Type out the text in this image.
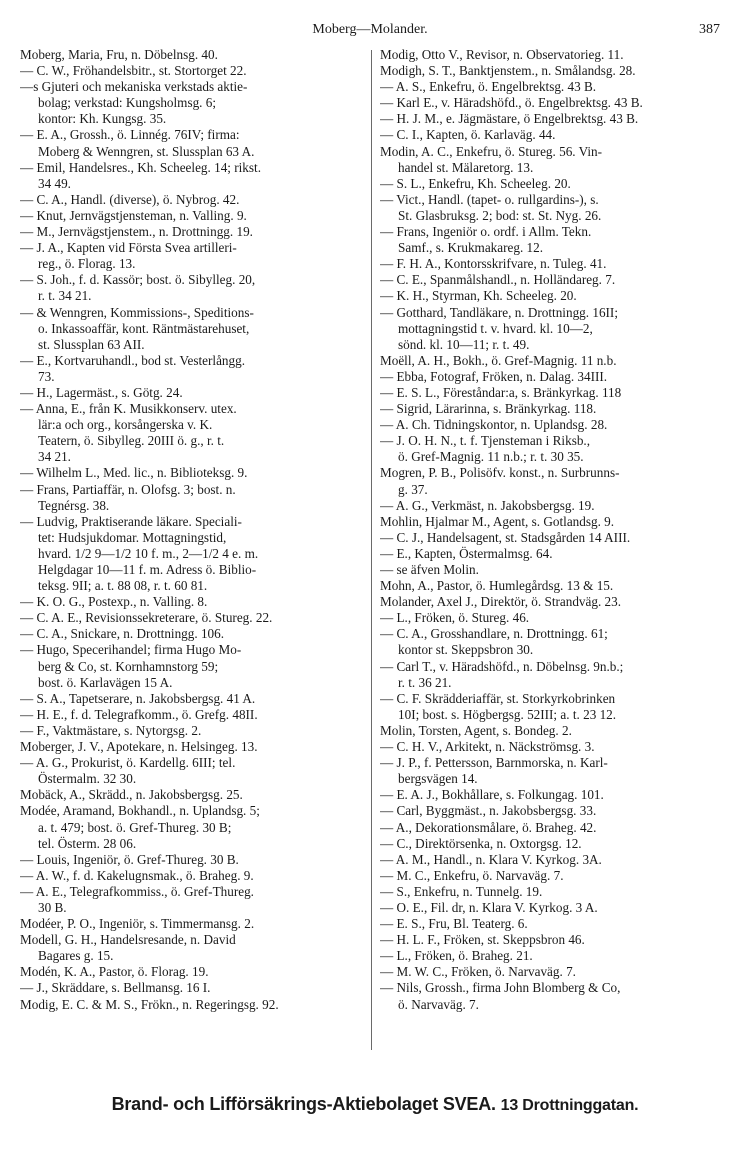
Moberg—Molander.	387
Moberg, Maria, Fru, n. Döbelnsg. 40.
— C. W., Fröhandelsbitr., st. Stortorget 22.
—s Gjuteri och mekaniska verkstads aktie-
bolag; verkstad: Kungsholmsg. 6;
kontor: Kh. Kungsg. 35.
— E. A., Grossh., ö. Linnég. 76IV; firma:
Moberg & Wenngren, st. Slussplan 63 A.
— Emil, Handelsres., Kh. Scheeleg. 14; rikst.
34 49.
— C. A., Handl. (diverse), ö. Nybrog. 42.
— Knut, Jernvägstjensteman, n. Valling. 9.
— M., Jernvägstjenstem., n. Drottningg. 19.
— J. A., Kapten vid Första Svea artilleri-
reg., ö. Florag. 13.
— S. Joh., f. d. Kassör; bost. ö. Sibylleg. 20,
r. t. 34 21.
— & Wenngren, Kommissions-, Speditions-
o. Inkassoaffär, kont. Räntmästarehuset,
st. Slussplan 63 AII.
— E., Kortvaruhandl., bod st. Vesterlångg.
73.
— H., Lagermäst., s. Götg. 24.
— Anna, E., från K. Musikkonserv. utex.
lär:a och org., korsångerska v. K.
Teatern, ö. Sibylleg. 20III ö. g., r. t.
34 21.
— Wilhelm L., Med. lic., n. Biblioteksg. 9.
— Frans, Partiaffär, n. Olofsg. 3; bost. n.
Tegnérsg. 38.
— Ludvig, Praktiserande läkare. Speciali-
tet: Hudsjukdomar. Mottagningstid,
hvard. 1/2 9—1/2 10 f. m., 2—1/2 4 e. m.
Helgdagar 10—11 f. m. Adress ö. Biblio-
teksg. 9II; a. t. 88 08, r. t. 60 81.
— K. O. G., Postexp., n. Valling. 8.
— C. A. E., Revisionssekreterare, ö. Stureg. 22.
— C. A., Snickare, n. Drottningg. 106.
— Hugo, Specerihandel; firma Hugo Mo-
berg & Co, st. Kornhamnstorg 59;
bost. ö. Karlavägen 15 A.
— S. A., Tapetserare, n. Jakobsbergsg. 41 A.
— H. E., f. d. Telegrafkomm., ö. Grefg. 48II.
— F., Vaktmästare, s. Nytorgsg. 2.
Moberger, J. V., Apotekare, n. Helsingeg. 13.
— A. G., Prokurist, ö. Kardellg. 6III; tel.
Östermalm. 32 30.
Mobäck, A., Skrädd., n. Jakobsbergsg. 25.
Modée, Aramand, Bokhandl., n. Uplandsg. 5;
a. t. 479; bost. ö. Gref-Thureg. 30 B;
tel. Österm. 28 06.
— Louis, Ingeniör, ö. Gref-Thureg. 30 B.
— A. W., f. d. Kakelugnsmak., ö. Braheg. 9.
— A. E., Telegrafkommiss., ö. Gref-Thureg.
30 B.
Modéer, P. O., Ingeniör, s. Timmermansg. 2.
Modell, G. H., Handelsresande, n. David
Bagares g. 15.
Modén, K. A., Pastor, ö. Florag. 19.
— J., Skräddare, s. Bellmansg. 16 I.
Modig, E. C. & M. S., Frökn., n. Regeringsg. 92.
Modig, Otto V., Revisor, n. Observatorieg. 11.
Modigh, S. T., Banktjenstem., n. Smålandsg. 28.
— A. S., Enkefru, ö. Engelbrektsg. 43 B.
— Karl E., v. Häradshöfd., ö. Engelbrektsg. 43 B.
— H. J. M., e. Jägmästare, ö Engelbrektsg. 43 B.
— C. I., Kapten, ö. Karlaväg. 44.
Modin, A. C., Enkefru, ö. Stureg. 56. Vin-
handel st. Mälaretorg. 13.
— S. L., Enkefru, Kh. Scheeleg. 20.
— Vict., Handl. (tapet- o. rullgardins-), s.
St. Glasbruksg. 2; bod: st. St. Nyg. 26.
— Frans, Ingeniör o. ordf. i Allm. Tekn.
Samf., s. Krukmakareg. 12.
— F. H. A., Kontorsskrifvare, n. Tuleg. 41.
— C. E., Spanmålshandl., n. Holländareg. 7.
— K. H., Styrman, Kh. Scheeleg. 20.
— Gotthard, Tandläkare, n. Drottningg. 16II;
mottagningstid t. v. hvard. kl. 10—2,
sönd. kl. 10—11; r. t. 49.
Moëll, A. H., Bokh., ö. Gref-Magnig. 11 n.b.
— Ebba, Fotograf, Fröken, n. Dalag. 34III.
— E. S. L., Föreståndar:a, s. Bränkyrkag. 118
— Sigrid, Lärarinna, s. Bränkyrkag. 118.
— A. Ch. Tidningskontor, n. Uplandsg. 28.
— J. O. H. N., t. f. Tjensteman i Riksb.,
ö. Gref-Magnig. 11 n.b.; r. t. 30 35.
Mogren, P. B., Polisöfv. konst., n. Surbrunns-
g. 37.
— A. G., Verkmäst, n. Jakobsbergsg. 19.
Mohlin, Hjalmar M., Agent, s. Gotlandsg. 9.
— C. J., Handelsagent, st. Stadsgården 14 AIII.
— E., Kapten, Östermalmsg. 64.
— se äfven Molin.
Mohn, A., Pastor, ö. Humlegårdsg. 13 & 15.
Molander, Axel J., Direktör, ö. Strandväg. 23.
— L., Fröken, ö. Stureg. 46.
— C. A., Grosshandlare, n. Drottningg. 61;
kontor st. Skeppsbron 30.
— Carl T., v. Häradshöfd., n. Döbelnsg. 9n.b.;
r. t. 36 21.
— C. F. Skrädderiaffär, st. Storkyrkobrinken
10I; bost. s. Högbergsg. 52III; a. t. 23 12.
Molin, Torsten, Agent, s. Bondeg. 2.
— C. H. V., Arkitekt, n. Näckströmsg. 3.
— J. P., f. Pettersson, Barnmorska, n. Karl-
bergsvägen 14.
— E. A. J., Bokhållare, s. Folkungag. 101.
— Carl, Byggmäst., n. Jakobsbergsg. 33.
— A., Dekorationsmålare, ö. Braheg. 42.
— C., Direktörsenka, n. Oxtorgsg. 12.
— A. M., Handl., n. Klara V. Kyrkog. 3A.
— M. C., Enkefru, ö. Narvaväg. 7.
— S., Enkefru, n. Tunnelg. 19.
— O. E., Fil. dr, n. Klara V. Kyrkog. 3 A.
— E. S., Fru, Bl. Teaterg. 6.
— H. L. F., Fröken, st. Skeppsbron 46.
— L., Fröken, ö. Braheg. 21.
— M. W. C., Fröken, ö. Narvaväg. 7.
— Nils, Grossh., firma John Blomberg & Co,
ö. Narvaväg. 7.
Brand- och Lifförsäkrings-Aktiebolaget SVEA. 13 Drottninggatan.
